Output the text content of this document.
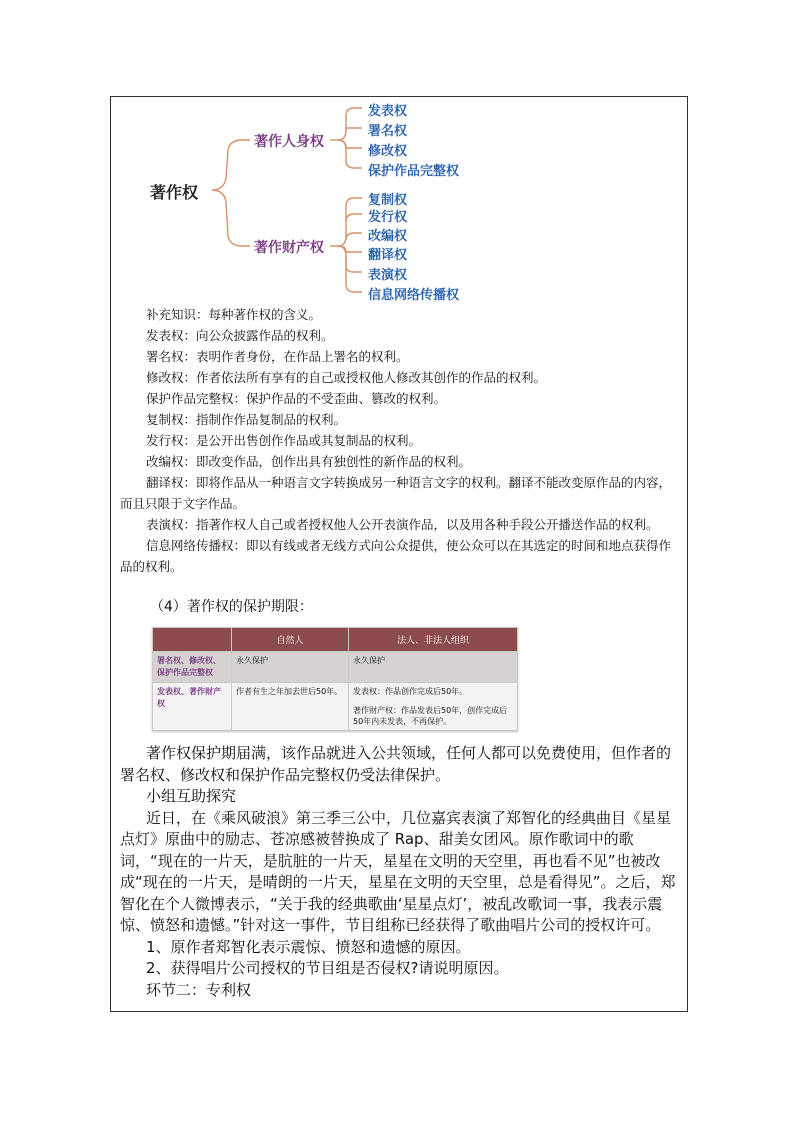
著作权
著作人身权
著作财产权
发表权
署名权
修改权
保护作品完整权
复制权
发行权
改编权
翻译权
表演权
信息网络传播权

补充知识：每种著作权的含义。

发表权：向公众披露作品的权利。

署名权：表明作者身份，在作品上署名的权利。

修改权：作者依法所有享有的自己或授权他人修改其创作的作品的权利。

保护作品完整权：保护作品的不受歪曲、篡改的权利。

复制权：指制作作品复制品的权利。

发行权：是公开出售创作作品或其复制品的权利。

改编权：即改变作品，创作出具有独创性的新作品的权利。

翻译权：即将作品从一种语言文字转换成另一种语言文字的权利。翻译不能改变原作品的内容，而且只限于文字作品。

表演权：指著作权人自己或者授权他人公开表演作品，以及用各种手段公开播送作品的权利。

信息网络传播权：即以有线或者无线方式向公众提供，使公众可以在其选定的时间和地点获得作品的权利。

（4）著作权的保护期限：
	自然人	法人、非法人组织
署名权、修改权、保护作品完整权	永久保护	永久保护
发表权、著作财产权	作者有生之年加去世后50年。	发表权：作品创作完成后50年。
著作财产权：作品发表后50年，创作完成后50年内未发表，不再保护。

著作权保护期届满，该作品就进入公共领域，任何人都可以免费使用，但作者的署名权、修改权和保护作品完整权仍受法律保护。

小组互助探究

近日，在《乘风破浪》第三季三公中，几位嘉宾表演了郑智化的经典曲目《星星点灯》原曲中的励志、苍凉感被替换成了 Rap、甜美女团风。原作歌词中的歌词，“现在的一片天，是肮脏的一片天，星星在文明的天空里，再也看不见”也被改成“现在的一片天，是晴朗的一片天，星星在文明的天空里，总是看得见”。之后，郑智化在个人微博表示，“关于我的经典歌曲‘星星点灯’，被乱改歌词一事，我表示震惊、愤怒和遗憾。”针对这一事件，节目组称已经获得了歌曲唱片公司的授权许可。

1、原作者郑智化表示震惊、愤怒和遗憾的原因。

2、获得唱片公司授权的节目组是否侵权?请说明原因。

环节二：专利权
